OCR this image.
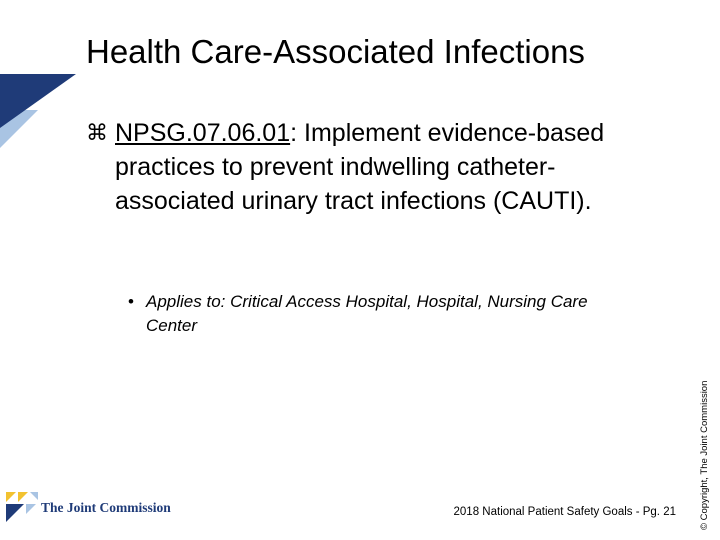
Health Care-Associated Infections
⌘ NPSG.07.06.01: Implement evidence-based practices to prevent indwelling catheter-associated urinary tract infections (CAUTI).
• Applies to: Critical Access Hospital, Hospital, Nursing Care Center
The Joint Commission	2018 National Patient Safety Goals - Pg. 21 © Copyright, The Joint Commission
